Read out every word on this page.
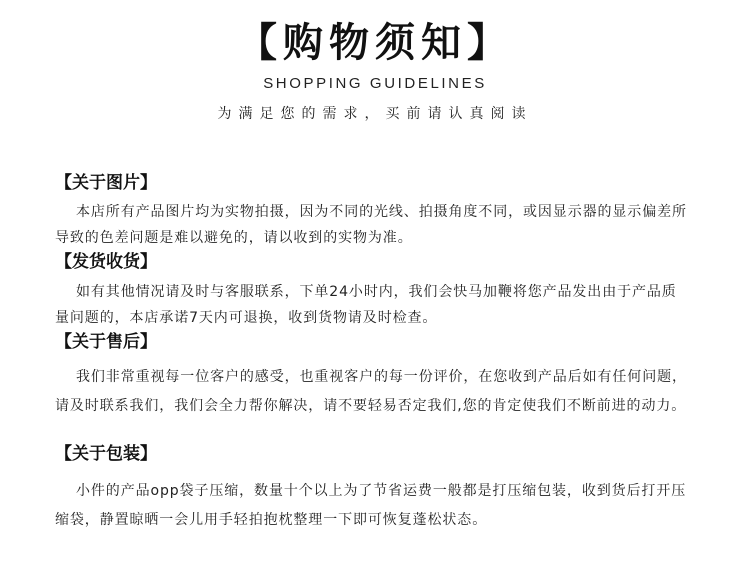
【购物须知】
SHOPPING GUIDELINES
为满足您的需求，买前请认真阅读

【关于图片】

本店所有产品图片均为实物拍摄，因为不同的光线、拍摄角度不同，或因显示器的显示偏差所导致的色差问题是难以避免的，请以收到的实物为准。

【发货收货】

如有其他情况请及时与客服联系，下单24小时内，我们会快马加鞭将您产品发出由于产品质量问题的，本店承诺7天内可退换，收到货物请及时检查。

【关于售后】

我们非常重视每一位客户的感受，也重视客户的每一份评价，在您收到产品后如有任何问题，请及时联系我们，我们会全力帮你解决，请不要轻易否定我们,您的肯定使我们不断前进的动力。

【关于包装】

小件的产品opp袋子压缩，数量十个以上为了节省运费一般都是打压缩包装，收到货后打开压缩袋，静置晾晒一会儿用手轻拍抱枕整理一下即可恢复蓬松状态。
